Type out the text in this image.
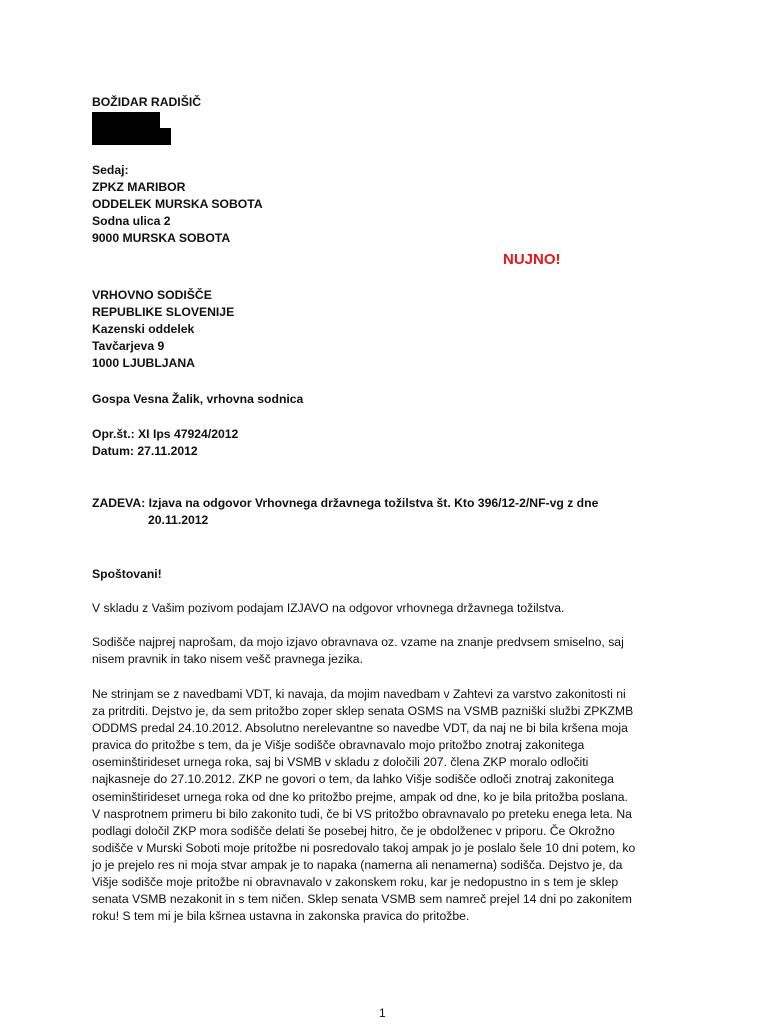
BOŽIDAR RADIŠIČ
Sedaj:
ZPKZ MARIBOR
ODDELEK MURSKA SOBOTA
Sodna ulica 2
9000 MURSKA SOBOTA
NUJNO!
VRHOVNO SODIŠČE
REPUBLIKE SLOVENIJE
Kazenski oddelek
Tavčarjeva 9
1000 LJUBLJANA
Gospa Vesna Žalik, vrhovna sodnica
Opr.št.: XI Ips 47924/2012
Datum: 27.11.2012
ZADEVA: Izjava na odgovor Vrhovnega državnega tožilstva št. Kto 396/12-2/NF-vg z dne
20.11.2012
Spoštovani!

V skladu z Vašim pozivom podajam IZJAVO na odgovor vrhovnega državnega tožilstva.

Sodišče najprej naprošam, da mojo izjavo obravnava oz. vzame na znanje predvsem smiselno, saj

nisem pravnik in tako nisem vešč pravnega jezika.

Ne strinjam se z navedbami VDT, ki navaja, da mojim navedbam v Zahtevi za varstvo zakonitosti ni

za pritrditi. Dejstvo je, da sem pritožbo zoper sklep senata OSMS na VSMB pazniški službi ZPKZMB

ODDMS predal 24.10.2012. Absolutno nerelevantne so navedbe VDT, da naj ne bi bila kršena moja

pravica do pritožbe s tem, da je Višje sodišče obravnavalo mojo pritožbo znotraj zakonitega

oseminštirideset urnega roka, saj bi VSMB v skladu z določili 207. člena ZKP moralo odločiti

najkasneje do 27.10.2012. ZKP ne govori o tem, da lahko Višje sodišče odloči znotraj zakonitega

oseminštirideset urnega roka od dne ko pritožbo prejme, ampak od dne, ko je bila pritožba poslana.

V nasprotnem primeru bi bilo zakonito tudi, če bi VS pritožbo obravnavalo po preteku enega leta. Na

podlagi določil ZKP mora sodišče delati še posebej hitro, če je obdolženec v priporu. Če Okrožno

sodišče v Murski Soboti moje pritožbe ni posredovalo takoj ampak jo je poslalo šele 10 dni potem, ko

jo je prejelo res ni moja stvar ampak je to napaka (namerna ali nenamerna) sodišča. Dejstvo je, da

Višje sodišče moje pritožbe ni obravnavalo v zakonskem roku, kar je nedopustno in s tem je sklep

senata VSMB nezakonit in s tem ničen. Sklep senata VSMB sem namreč prejel 14 dni po zakonitem

roku! S tem mi je bila kšrnea ustavna in zakonska pravica do pritožbe.

1
